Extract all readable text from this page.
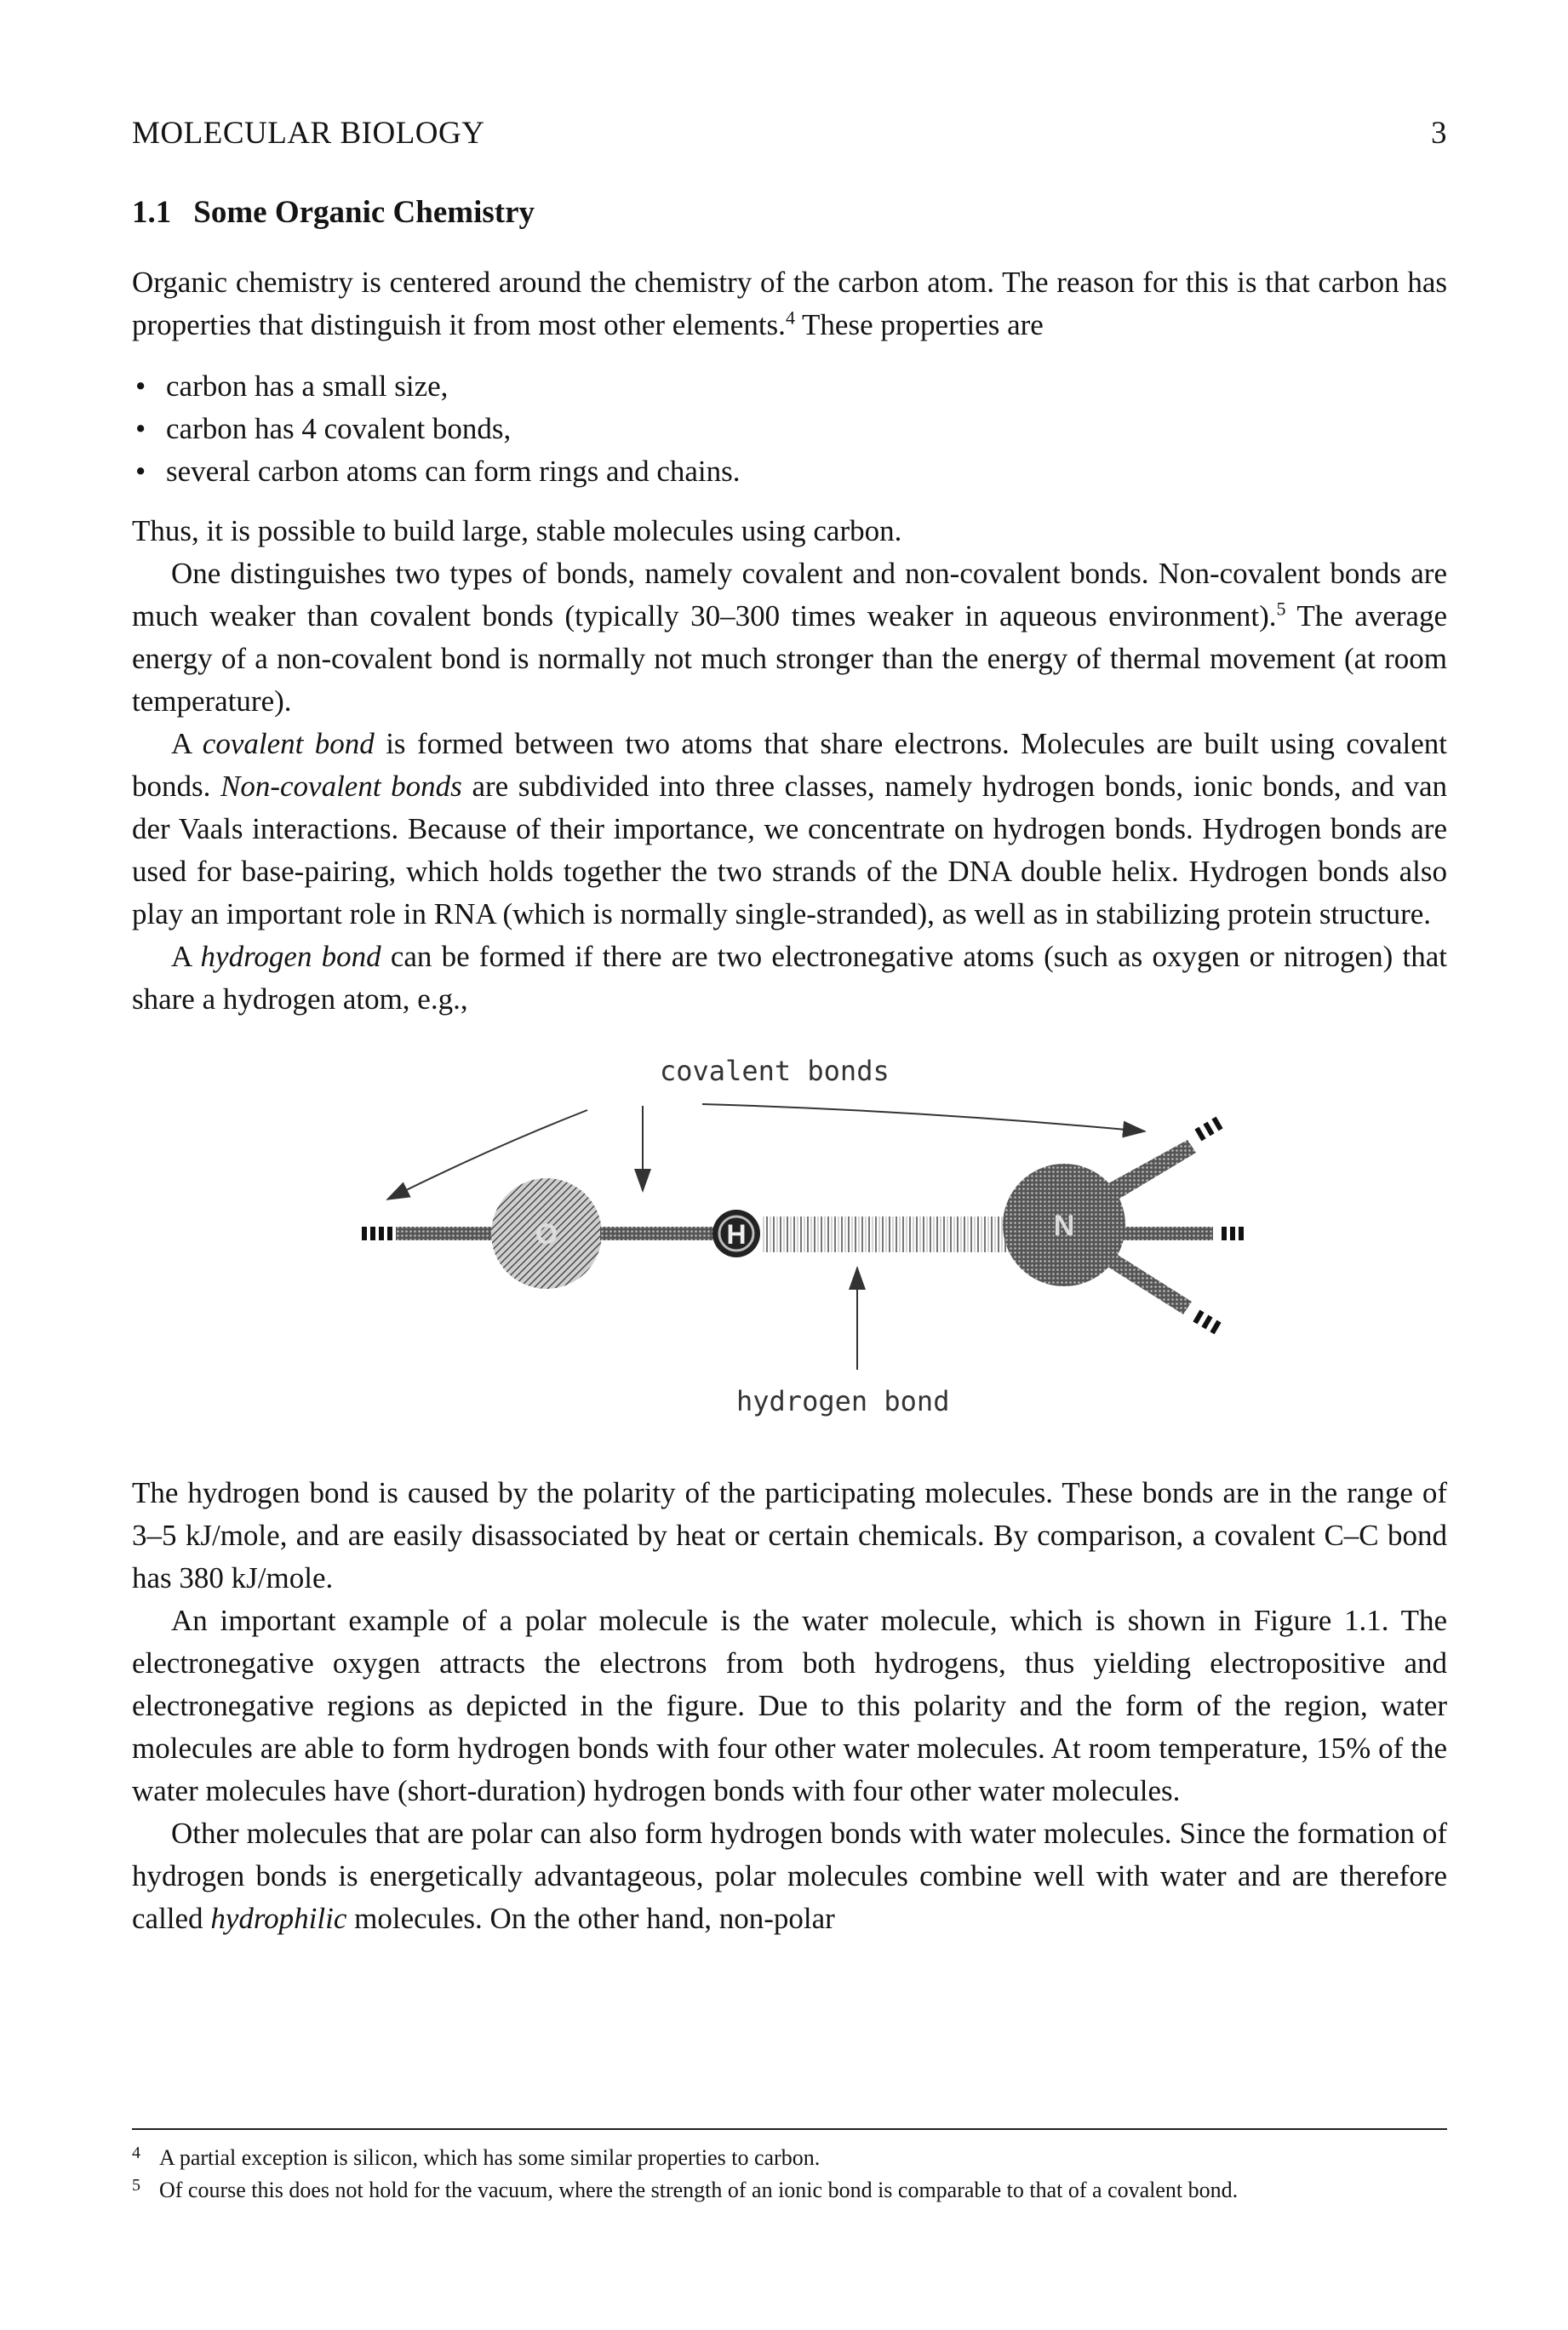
MOLECULAR BIOLOGY	3
1.1 Some Organic Chemistry

Organic chemistry is centered around the chemistry of the carbon atom. The reason for this is that carbon has properties that distinguish it from most other elements.$^4$ These properties are

• carbon has a small size,
• carbon has 4 covalent bonds,
• several carbon atoms can form rings and chains.

Thus, it is possible to build large, stable molecules using carbon.

One distinguishes two types of bonds, namely covalent and non-covalent bonds. Non-covalent bonds are much weaker than covalent bonds (typically 30–300 times weaker in aqueous environment).$^5$ The average energy of a non-covalent bond is normally not much stronger than the energy of thermal movement (at room temperature).

A covalent bond is formed between two atoms that share electrons. Molecules are built using covalent bonds. Non-covalent bonds are subdivided into three classes, namely hydrogen bonds, ionic bonds, and van der Vaals interactions. Because of their importance, we concentrate on hydrogen bonds. Hydrogen bonds are used for base-pairing, which holds together the two strands of the DNA double helix. Hydrogen bonds also play an important role in RNA (which is normally single-stranded), as well as in stabilizing protein structure.

A hydrogen bond can be formed if there are two electronegative atoms (such as oxygen or nitrogen) that share a hydrogen atom, e.g.,

covalent bonds
O	H	N
hydrogen bond

The hydrogen bond is caused by the polarity of the participating molecules. These bonds are in the range of 3–5 kJ/mole, and are easily disassociated by heat or certain chemicals. By comparison, a covalent C–C bond has 380 kJ/mole.

An important example of a polar molecule is the water molecule, which is shown in Figure 1.1. The electronegative oxygen attracts the electrons from both hydrogens, thus yielding electropositive and electronegative regions as depicted in the figure. Due to this polarity and the form of the region, water molecules are able to form hydrogen bonds with four other water molecules. At room temperature, 15% of the water molecules have (short-duration) hydrogen bonds with four other water molecules.

Other molecules that are polar can also form hydrogen bonds with water molecules. Since the formation of hydrogen bonds is energetically advantageous, polar molecules combine well with water and are therefore called hydrophilic molecules. On the other hand, non-polar

4 A partial exception is silicon, which has some similar properties to carbon.
5 Of course this does not hold for the vacuum, where the strength of an ionic bond is comparable to that of a covalent bond.
